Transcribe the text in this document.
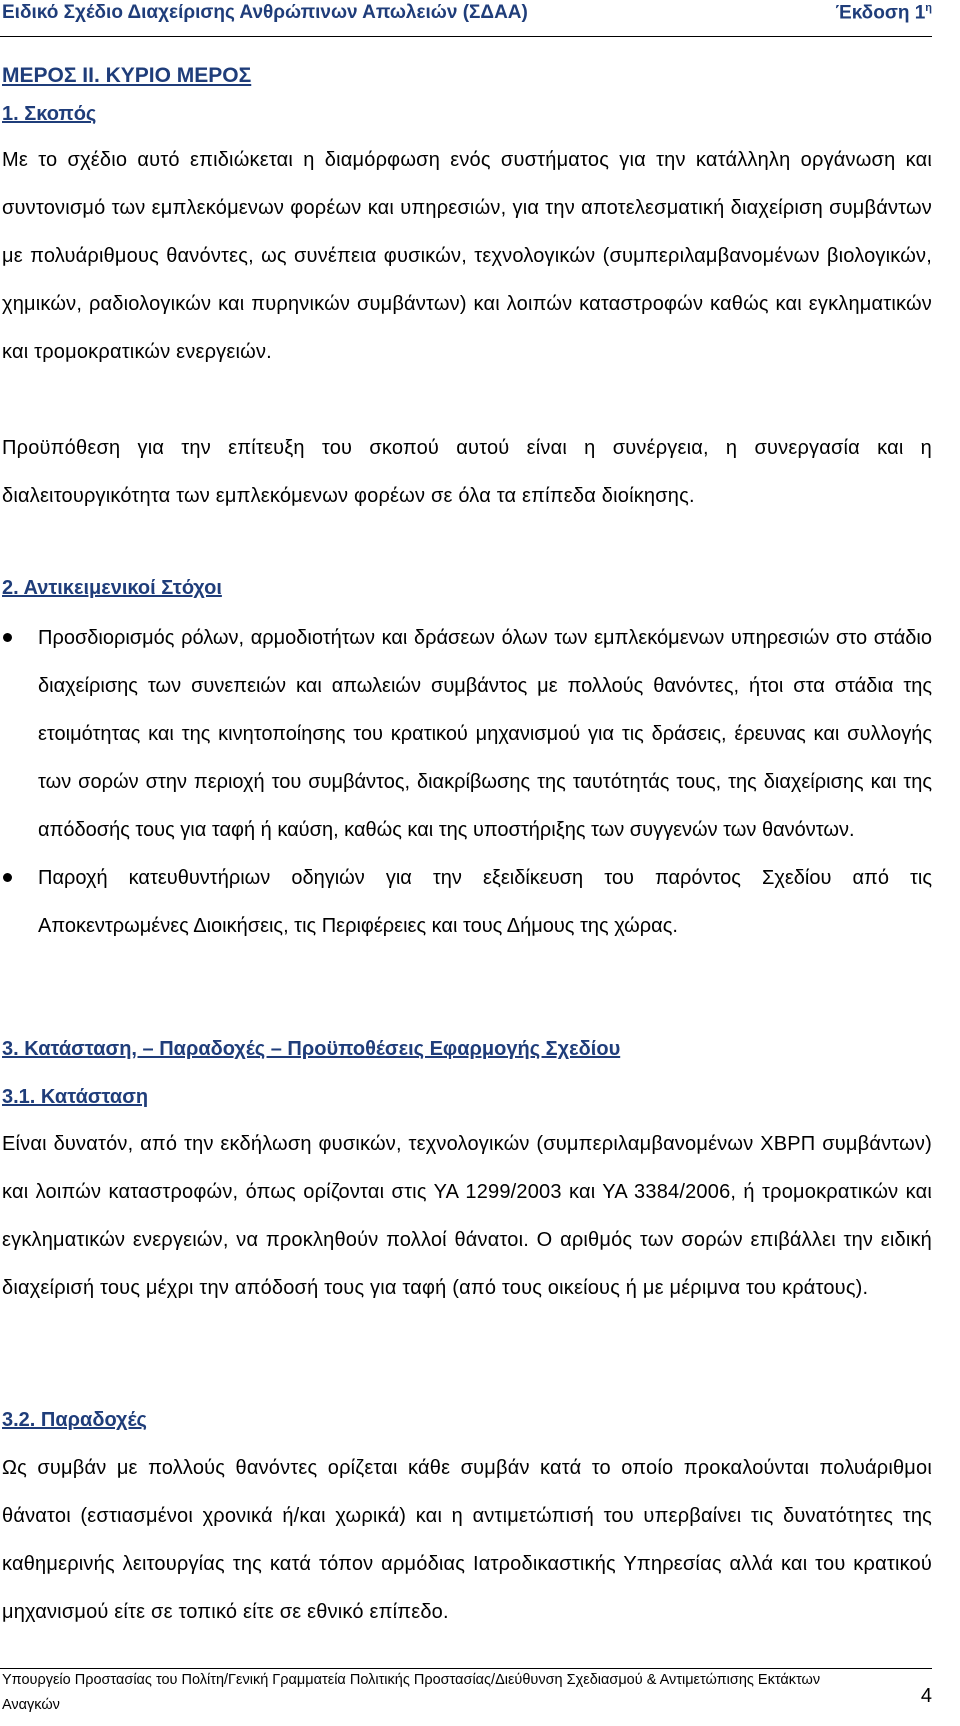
Ειδικό Σχέδιο Διαχείρισης Ανθρώπινων Απωλειών (ΣΔΑΑ)	Έκδοση $1^\eta$
ΜΕΡΟΣ ΙΙ. ΚΥΡΙΟ ΜΕΡΟΣ
1. Σκοπός

Με το σχέδιο αυτό επιδιώκεται η διαμόρφωση ενός συστήματος για την κατάλληλη οργάνωση και συντονισμό των εμπλεκόμενων φορέων και υπηρεσιών, για την αποτελεσματική διαχείριση συμβάντων με πολυάριθμους θανόντες, ως συνέπεια φυσικών, τεχνολογικών (συμπεριλαμβανομένων βιολογικών, χημικών, ραδιολογικών και πυρηνικών συμβάντων) και λοιπών καταστροφών καθώς και εγκληματικών και τρομοκρατικών ενεργειών.

Προϋπόθεση για την επίτευξη του σκοπού αυτού είναι η συνέργεια, η συνεργασία και η διαλειτουργικότητα των εμπλεκόμενων φορέων σε όλα τα επίπεδα διοίκησης.

2. Αντικειμενικοί Στόχοι
Προσδιορισμός ρόλων, αρμοδιοτήτων και δράσεων όλων των εμπλεκόμενων υπηρεσιών στο στάδιο διαχείρισης των συνεπειών και απωλειών συμβάντος με πολλούς θανόντες, ήτοι στα στάδια της ετοιμότητας και της κινητοποίησης του κρατικού μηχανισμού για τις δράσεις, έρευνας και συλλογής των σορών στην περιοχή του συμβάντος, διακρίβωσης της ταυτότητάς τους, της διαχείρισης και της απόδοσής τους για ταφή ή καύση, καθώς και της υποστήριξης των συγγενών των θανόντων.
Παροχή κατευθυντήριων οδηγιών για την εξειδίκευση του παρόντος Σχεδίου από τις Αποκεντρωμένες Διοικήσεις, τις Περιφέρειες και τους Δήμους της χώρας.
3. Κατάσταση, – Παραδοχές – Προϋποθέσεις Εφαρμογής Σχεδίου
3.1. Κατάσταση

Είναι δυνατόν, από την εκδήλωση φυσικών, τεχνολογικών (συμπεριλαμβανομένων ΧΒΡΠ συμβάντων) και λοιπών καταστροφών, όπως ορίζονται στις ΥΑ 1299/2003 και ΥΑ 3384/2006, ή τρομοκρατικών και εγκληματικών ενεργειών, να προκληθούν πολλοί θάνατοι. Ο αριθμός των σορών επιβάλλει την ειδική διαχείρισή τους μέχρι την απόδοσή τους για ταφή (από τους οικείους ή με μέριμνα του κράτους).

3.2. Παραδοχές

Ως συμβάν με πολλούς θανόντες ορίζεται κάθε συμβάν κατά το οποίο προκαλούνται πολυάριθμοι θάνατοι (εστιασμένοι χρονικά ή/και χωρικά) και η αντιμετώπισή του υπερβαίνει τις δυνατότητες της καθημερινής λειτουργίας της κατά τόπον αρμόδιας Ιατροδικαστικής Υπηρεσίας αλλά και του κρατικού μηχανισμού είτε σε τοπικό είτε σε εθνικό επίπεδο.

Υπουργείο Προστασίας του Πολίτη/Γενική Γραμματεία Πολιτικής Προστασίας/Διεύθυνση Σχεδιασμού & Αντιμετώπισης Εκτάκτων
Αναγκών	4
